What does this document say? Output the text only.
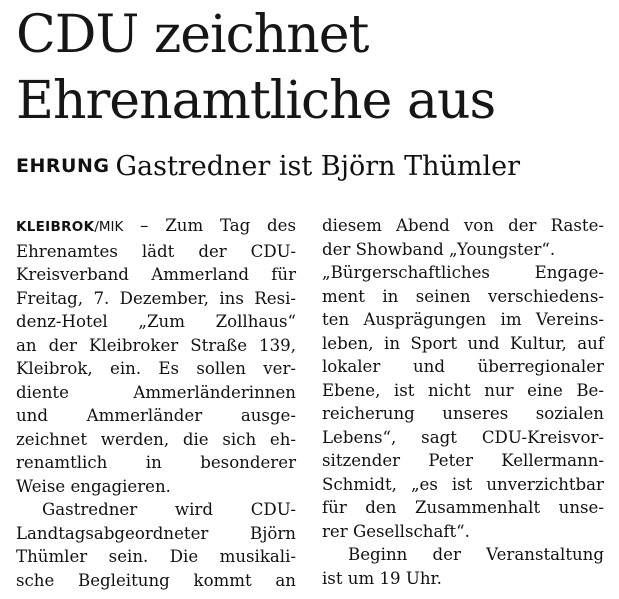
CDU zeichnet
Ehrenamtliche aus
EHRUNG Gastredner ist Björn Thümler
KLEIBROK/MIK – Zum Tag des
Ehrenamtes lädt der CDU-
Kreisverband Ammerland für
Freitag, 7. Dezember, ins Resi-
denz-Hotel „Zum Zollhaus“
an der Kleibroker Straße 139,
Kleibrok, ein. Es sollen ver-
diente Ammerländerinnen
und Ammerländer ausge-
zeichnet werden, die sich eh-
renamtlich in besonderer
Weise engagieren.
Gastredner wird CDU-
Landtagsabgeordneter Björn
Thümler sein. Die musikali-
sche Begleitung kommt an
diesem Abend von der Raste-
der Showband „Youngster“.
„Bürgerschaftliches Engage-
ment in seinen verschiedens-
ten Ausprägungen im Vereins-
leben, in Sport und Kultur, auf
lokaler und überregionaler
Ebene, ist nicht nur eine Be-
reicherung unseres sozialen
Lebens“, sagt CDU-Kreisvor-
sitzender Peter Kellermann-
Schmidt, „es ist unverzichtbar
für den Zusammenhalt unse-
rer Gesellschaft“.
Beginn der Veranstaltung
ist um 19 Uhr.
